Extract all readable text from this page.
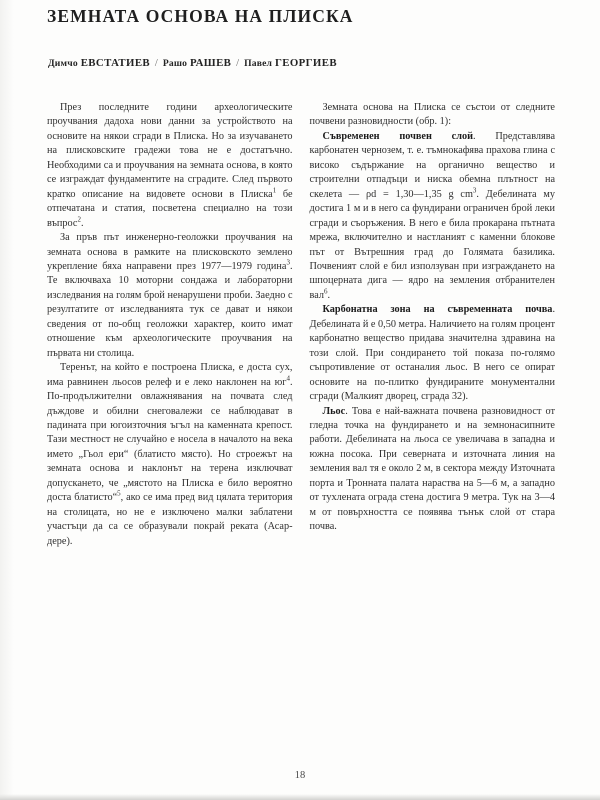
ЗЕМНАТА ОСНОВА НА ПЛИСКА
Димчо ЕВСТАТИЕВ / Рашо РАШЕВ / Павел ГЕОРГИЕВ

През последните години археологическите проучвания дадоха нови данни за устройството на основите на някои сгради в Плиска. Но за изучаването на плисковските градежи това не е достатъчно. Необходими са и проучвания на земната основа, в която се изграждат фундаментите на сградите. След първото кратко описание на видовете основи в Плиска$^1$ бе отпечатана и статия, посветена специално на този въпрос$^2$.

За пръв път инженерно-геоложки проучвания на земната основа в рамките на плисковското земленo укрепление бяха направени през 1977—1979 година$^3$. Те включваха 10 моторни сондажа и лабораторни изследвания на голям брой ненарушени проби. Заедно с резултатите от изследванията тук се дават и някои сведения от по-общ геоложки характер, които имат отношение към археологическите проучвания на първата ни столица.

Теренът, на който е построена Плиска, е доста сух, има равнинен льосов релеф и е леко наклонен на $юг^4$. По-продължителни овлажнявания на почвата след дъждове и обилни снеговалежи се наблюдават в падината при югоизточния ъгъл на каменната крепост. Тази местност не случайно е носела в началото на века името „Гьол ери“ (блатисто място). Но строежът на земната основа и наклонът на терена изключват допускането, че „мястото на Плиска е било вероятно доста блатисто“$^5$, ако се има пред вид цялата територия на столицата, но не е изключено малки заблатени участъци да са се образували покрай реката (Асар-дере).

Земната основа на Плиска се състои от следните почвени разновидности (обр. 1):

Съвременен почвен слой. Представлява карбонатен чернозем, т. е. тъмнокафява прахова глина с високо съдържание на органично вещество и строителни отпадъци и ниска обемна плътност на скелета — ρd = 1,30—1,35 g $cm^3$. Дебелината му достига 1 м и в него са фундирани ограничен брой леки сгради и съоръжения. В него е била прокарана пътната мрежа, включително и настланият с каменни блокове път от Вътрешния град до Голямата базилика. Почвеният слой е бил използуван при изграждането на шпоцерната дига — ядро на земления отбранителен вал$^6$.

Карбонатна зона на съвременната почва. Дебелината й е 0,50 метра. Наличието на голям процент карбонатно вещество придава значителна здравина на този слой. При сондирането той показа по-голямо съпротивление от останалия льос. В него се опират основите на по-плитко фундираните монументални сгради (Малкият дворец, сграда 32).

Льос. Това е най-важната почвена разновидност от гледна точка на фундирането и на земнонасипните работи. Дебелината на льоса се увеличава в западна и южна посока. При северната и източната линия на земления вал тя е около 2 м, в сектора между Източната порта и Тронната палата нараства на 5—6 м, а западно от тухлената ограда стена достига 9 метра. Тук на 3—4 м от повърхността се появява тънък слой от стара почва.

18
